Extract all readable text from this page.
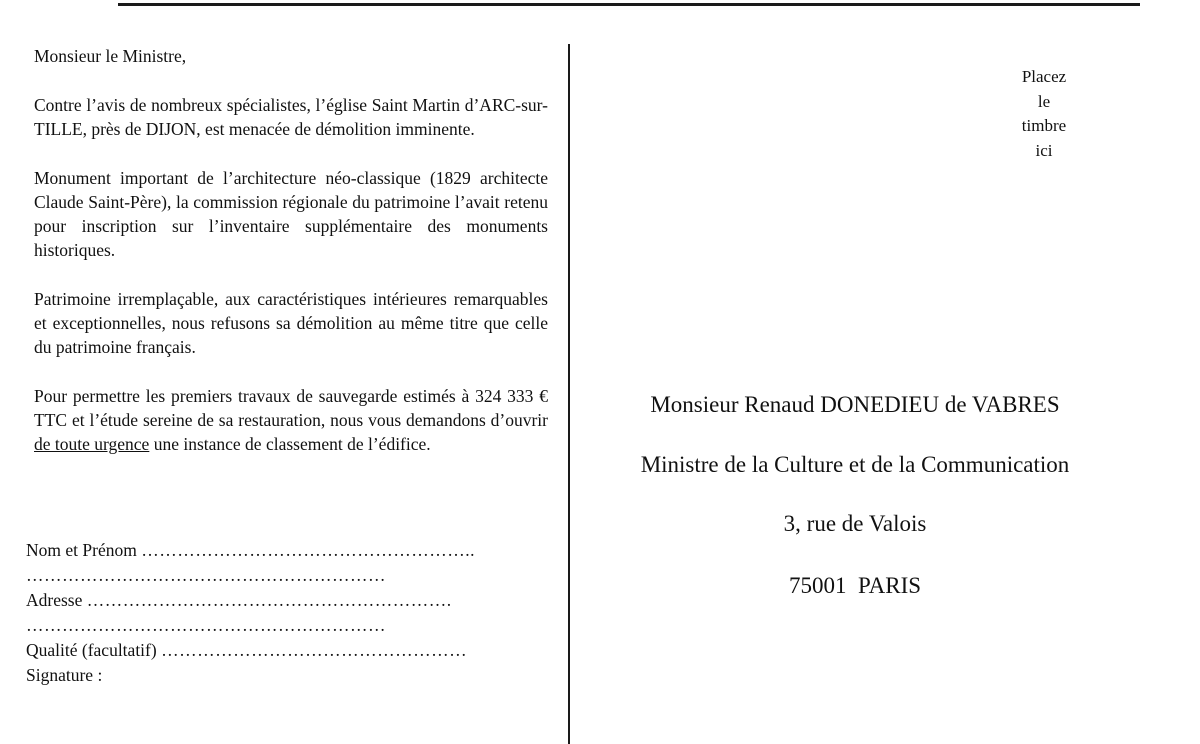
Monsieur le Ministre,

Contre l’avis de nombreux spécialistes, l’église Saint Martin d’ARC-sur-TILLE, près de DIJON, est menacée de démolition imminente.

Monument important de l’architecture néo-classique (1829 architecte Claude Saint-Père), la commission régionale du patrimoine l’avait retenu pour inscription sur l’inventaire supplémentaire des monuments historiques.

Patrimoine irremplaçable, aux caractéristiques intérieures remarquables et exceptionnelles, nous refusons sa démolition au même titre que celle du patrimoine français.

Pour permettre les premiers travaux de sauvegarde estimés à 324 333 € TTC et l’étude sereine de sa restauration, nous vous demandons d’ouvrir de toute urgence une instance de classement de l’édifice.

Nom et Prénom ………………………………………………..
……………………………………………………
Adresse …………………………………………………….
……………………………………………………
Qualité (facultatif) ……………………………………………
Signature :
Placez
le
timbre
ici
Monsieur Renaud DONEDIEU de VABRES
Ministre de la Culture et de la Communication
3, rue de Valois
75001 PARIS
